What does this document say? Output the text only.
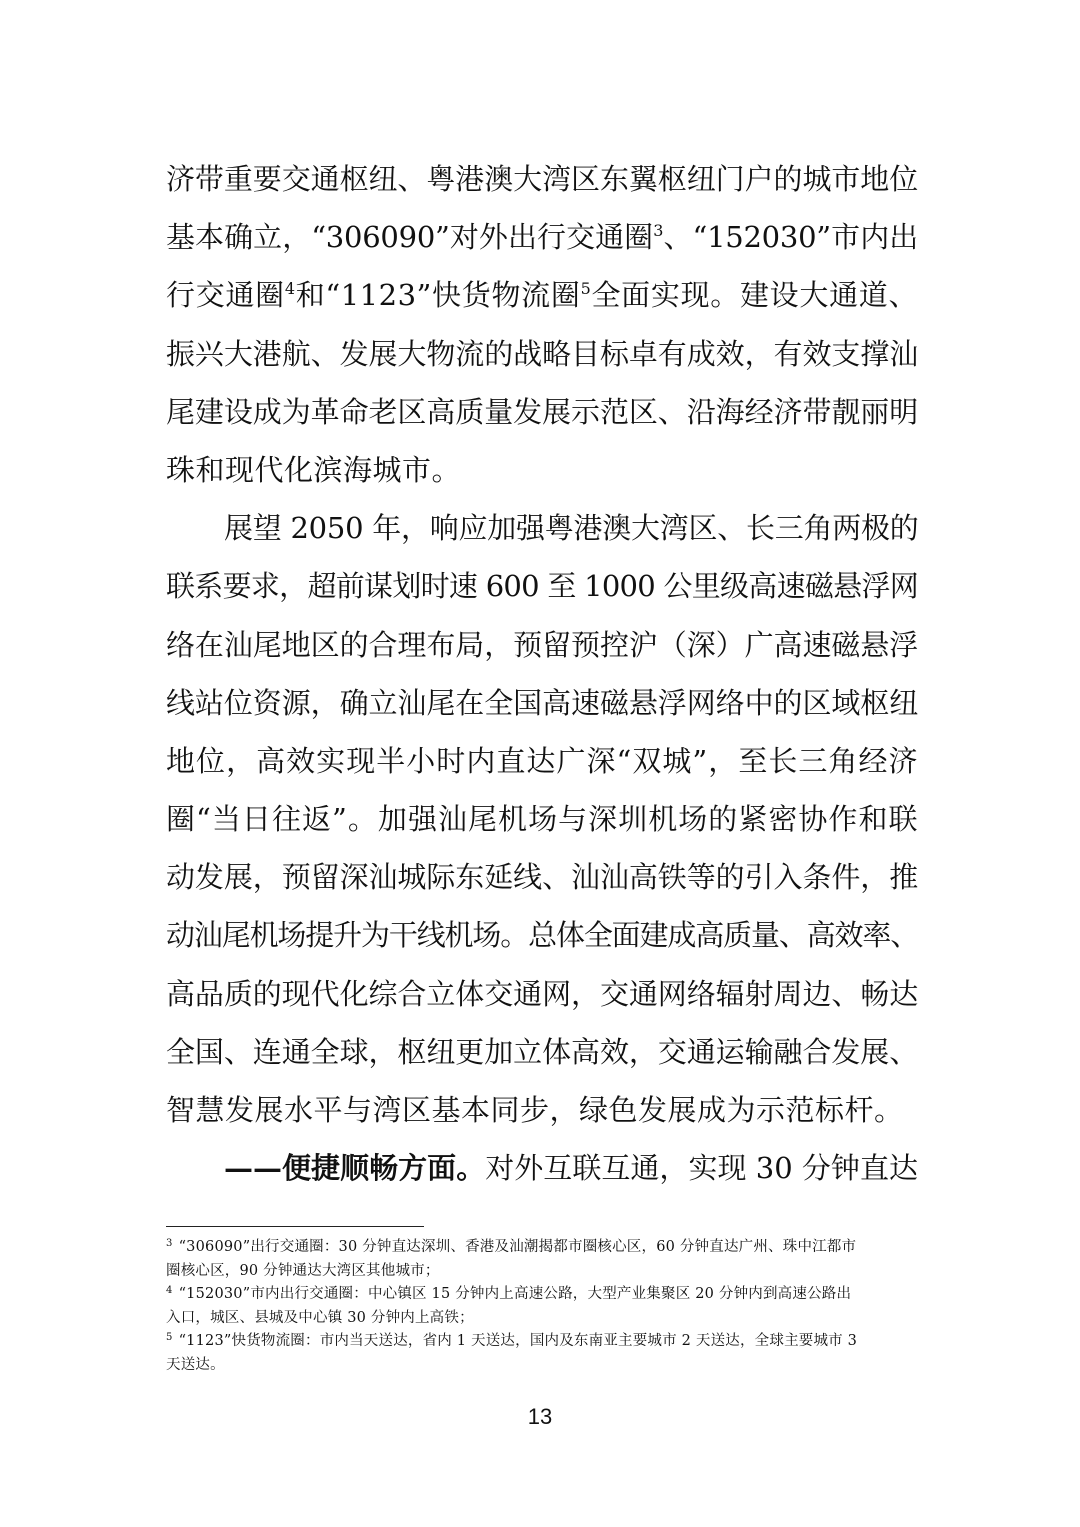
济带重要交通枢纽、粤港澳大湾区东翼枢纽门户的城市地位
基本确立，“306090”对外出行交通圈$^3$、“152030”市内出
行交通圈$^4$和“1123”快货物流圈$^5$全面实现。建设大通道、
振兴大港航、发展大物流的战略目标卓有成效，有效支撑汕
尾建设成为革命老区高质量发展示范区、沿海经济带靓丽明
珠和现代化滨海城市。
展望 2050 年，响应加强粤港澳大湾区、长三角两极的
联系要求，超前谋划时速 600 至 1000 公里级高速磁悬浮网
络在汕尾地区的合理布局，预留预控沪（深）广高速磁悬浮
线站位资源，确立汕尾在全国高速磁悬浮网络中的区域枢纽
地位，高效实现半小时内直达广深“双城”，至长三角经济
圈“当日往返”。加强汕尾机场与深圳机场的紧密协作和联
动发展，预留深汕城际东延线、汕汕高铁等的引入条件，推
动汕尾机场提升为干线机场。总体全面建成高质量、高效率、
高品质的现代化综合立体交通网，交通网络辐射周边、畅达
全国、连通全球，枢纽更加立体高效，交通运输融合发展、
智慧发展水平与湾区基本同步，绿色发展成为示范标杆。
——便捷顺畅方面。对外互联互通，实现 30 分钟直达
$^3$ “306090”出行交通圈：30 分钟直达深圳、香港及汕潮揭都市圈核心区，60 分钟直达广州、珠中江都市
圈核心区，90 分钟通达大湾区其他城市；
$^4$ “152030”市内出行交通圈：中心镇区 15 分钟内上高速公路，大型产业集聚区 20 分钟内到高速公路出
入口，城区、县城及中心镇 30 分钟内上高铁；
$^5$ “1123”快货物流圈：市内当天送达，省内 1 天送达，国内及东南亚主要城市 2 天送达，全球主要城市 3
天送达。
13
